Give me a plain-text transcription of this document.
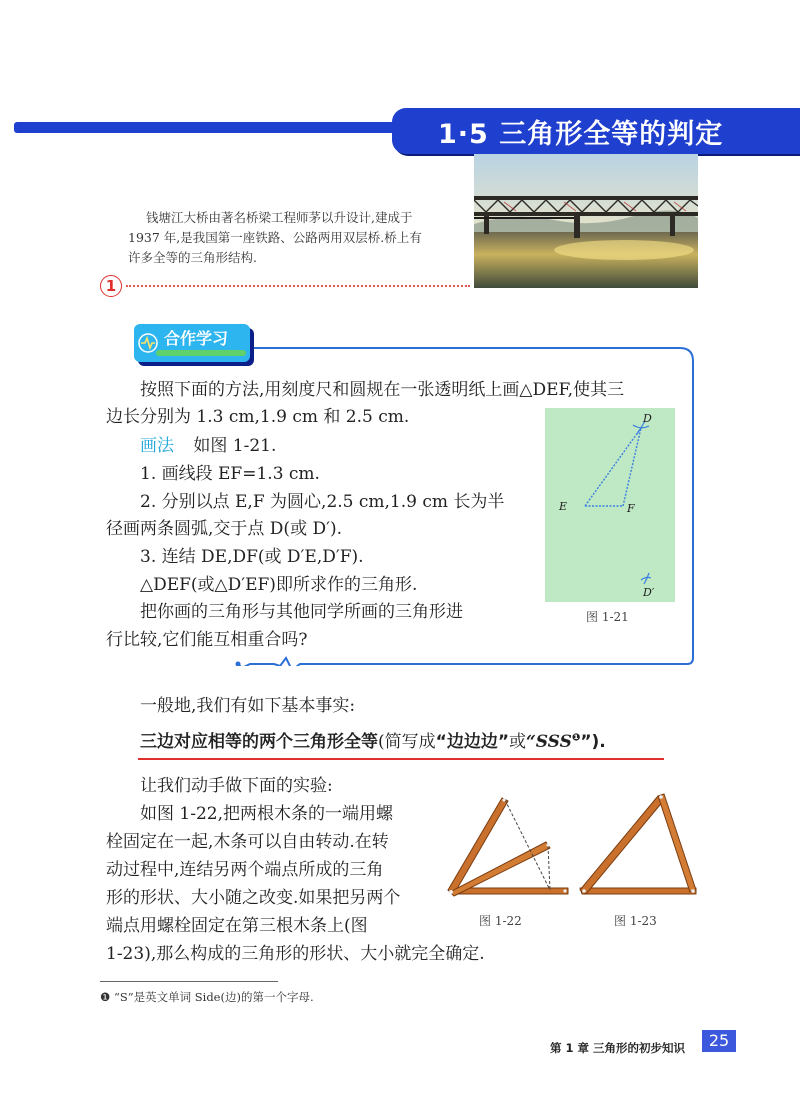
1·5 三角形全等的判定
钱塘江大桥由著名桥梁工程师茅以升设计,建成于
1937 年,是我国第一座铁路、公路两用双层桥.桥上有
许多全等的三角形结构.
1
合作学习
按照下面的方法,用刻度尺和圆规在一张透明纸上画△DEF,使其三
边长分别为 1.3 cm,1.9 cm 和 2.5 cm.
画法 如图 1-21.
1. 画线段 EF=1.3 cm.
2. 分别以点 E,F 为圆心,2.5 cm,1.9 cm 长为半
径画两条圆弧,交于点 D(或 D′).
3. 连结 DE,DF(或 D′E,D′F).
△DEF(或△D′EF)即所求作的三角形.
把你画的三角形与其他同学所画的三角形进
行比较,它们能互相重合吗?
D
E	F
D′
图 1-21
一般地,我们有如下基本事实:
三边对应相等的两个三角形全等(简写成“边边边”或“$SSS^❶$”).
让我们动手做下面的实验:
如图 1-22,把两根木条的一端用螺
栓固定在一起,木条可以自由转动.在转
动过程中,连结另两个端点所成的三角
形的形状、大小随之改变.如果把另两个
端点用螺栓固定在第三根木条上(图
1-23),那么构成的三角形的形状、大小就完全确定.
图 1-22	图 1-23
❶ “S”是英文单词 Side(边)的第一个字母.
第 1 章 三角形的初步知识	25
